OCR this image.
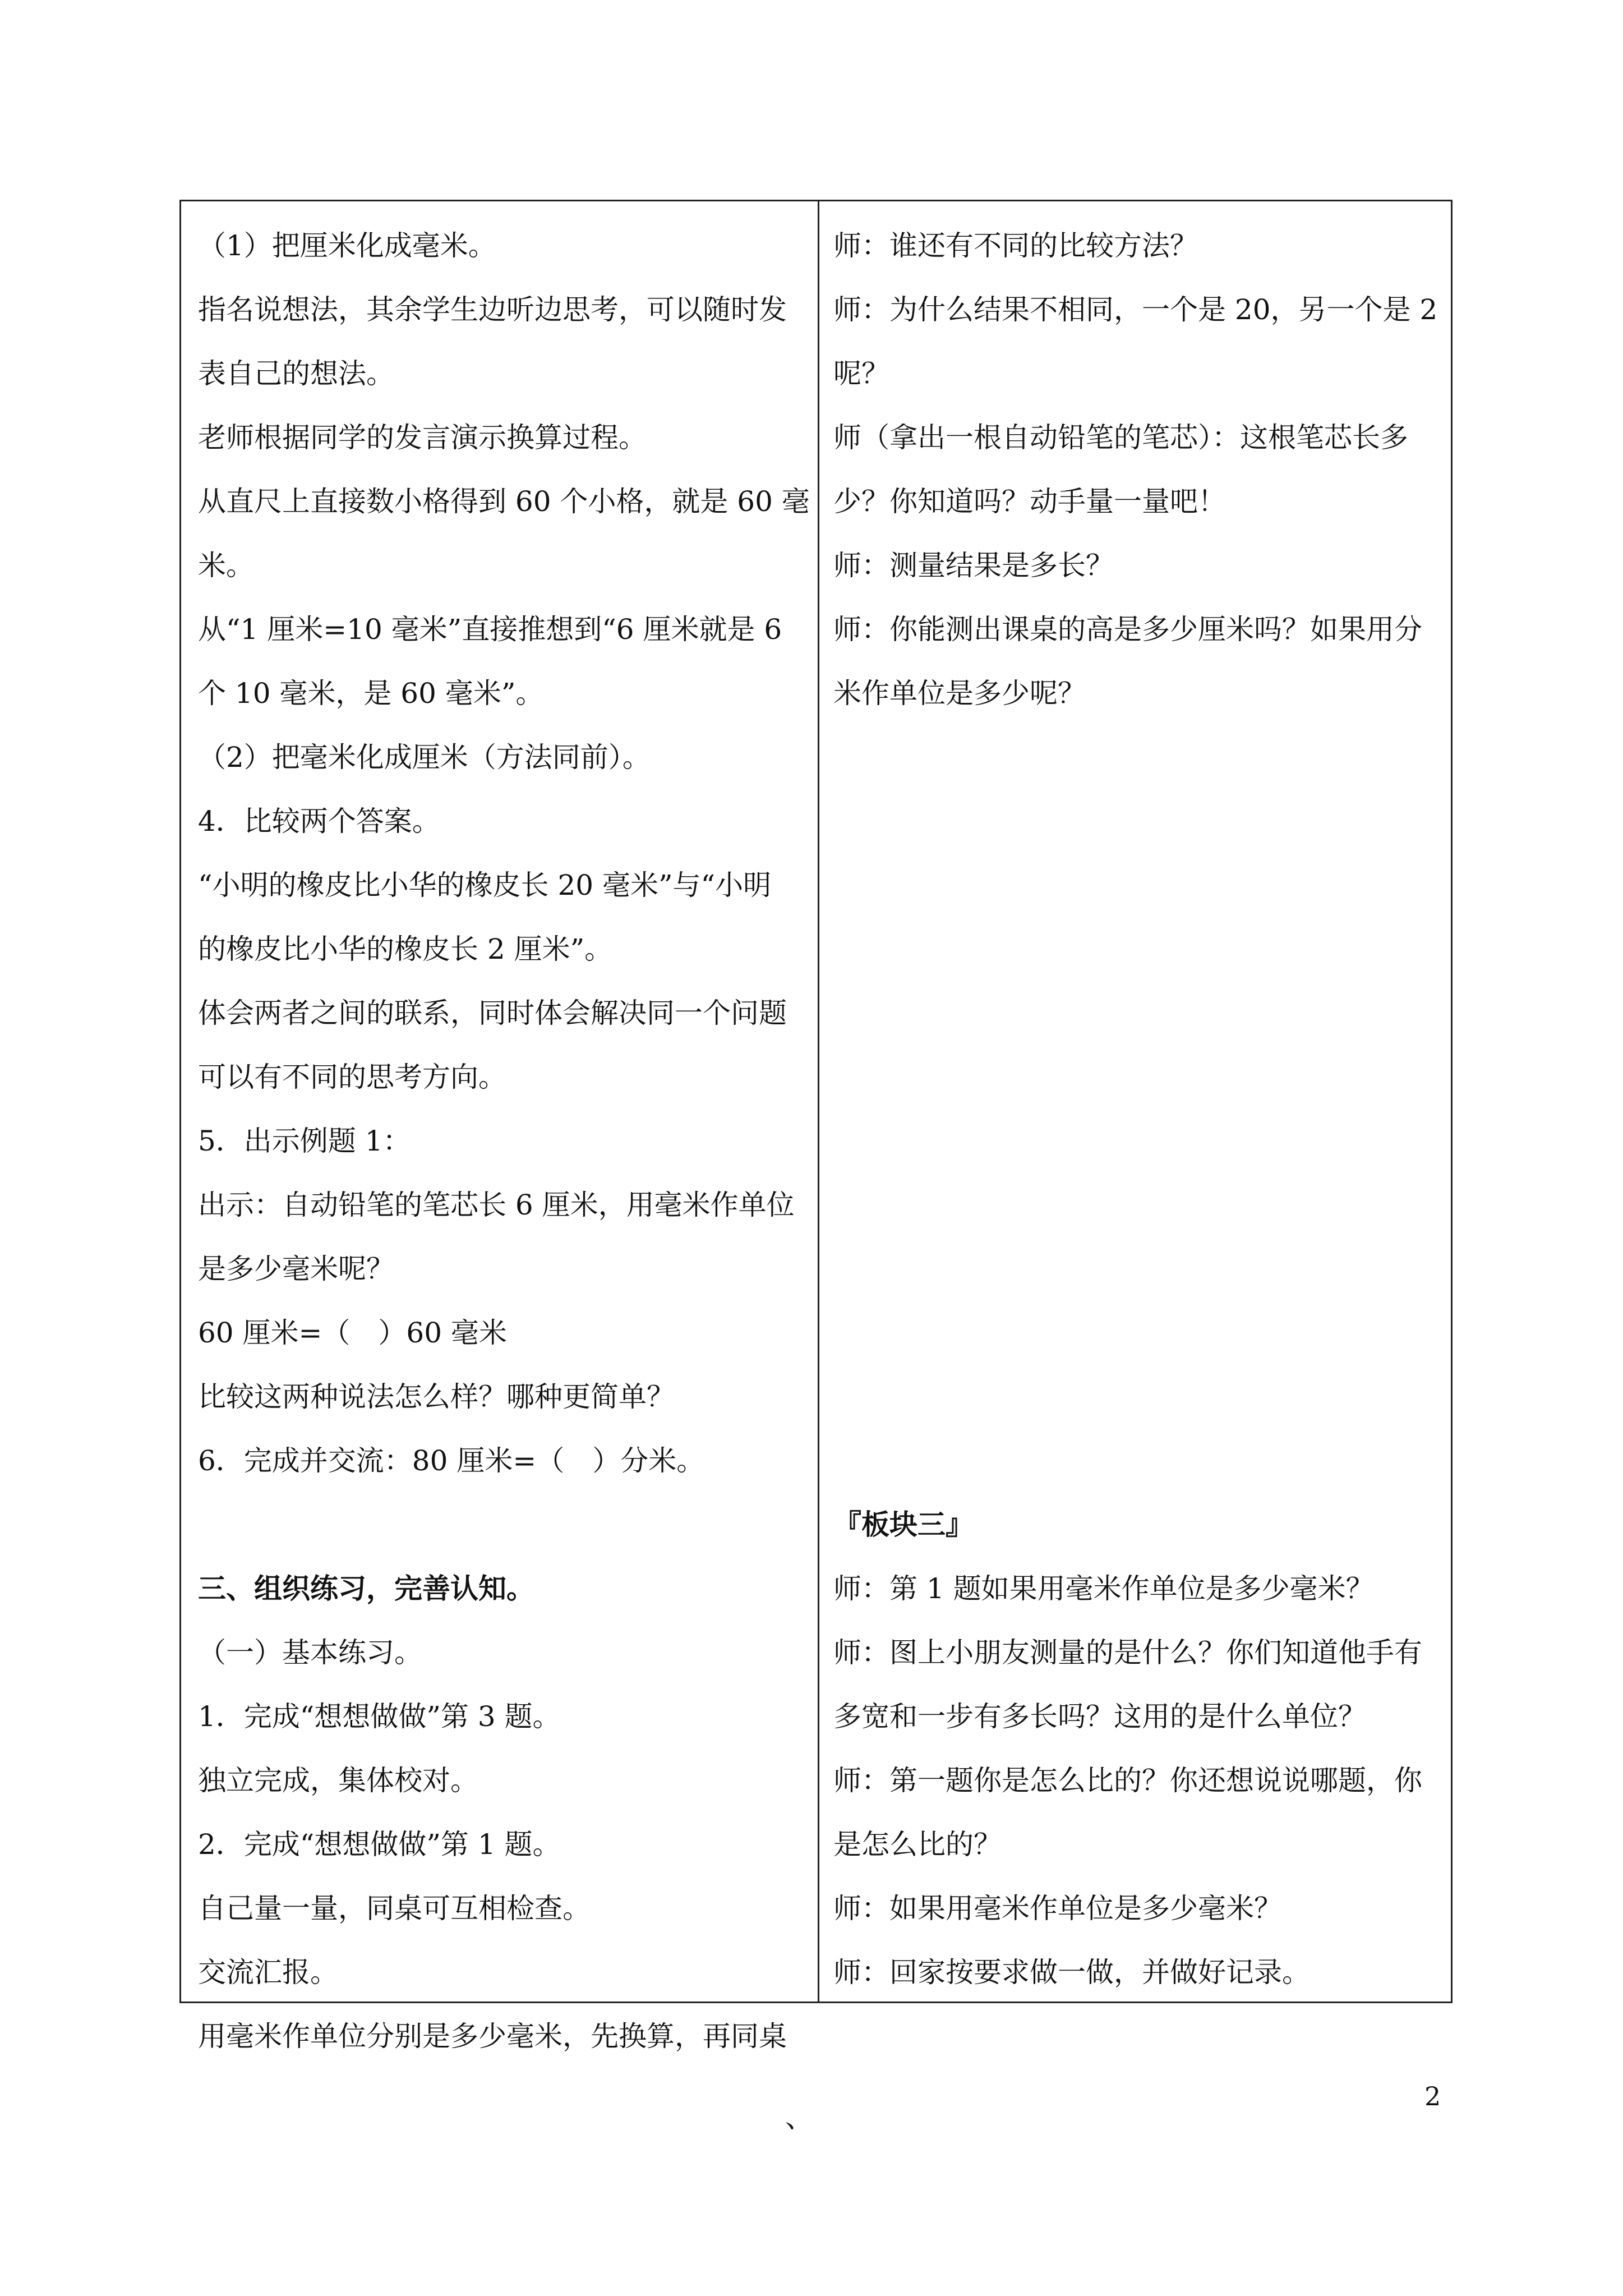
（1）把厘米化成毫米。
指名说想法，其余学生边听边思考，可以随时发
表自己的想法。
老师根据同学的发言演示换算过程。
从直尺上直接数小格得到 60 个小格，就是 60 毫
米。
从“1 厘米=10 毫米”直接推想到“6 厘米就是 6
个 10 毫米，是 60 毫米”。
（2）把毫米化成厘米（方法同前）。
4．比较两个答案。
“小明的橡皮比小华的橡皮长 20 毫米”与“小明
的橡皮比小华的橡皮长 2 厘米”。
体会两者之间的联系，同时体会解决同一个问题
可以有不同的思考方向。
5．出示例题 1：
出示：自动铅笔的笔芯长 6 厘米，用毫米作单位
是多少毫米呢？
60 厘米=（　）60 毫米
比较这两种说法怎么样？哪种更简单？
6．完成并交流：80 厘米=（　）分米。
三、组织练习，完善认知。
（一）基本练习。
1．完成“想想做做”第 3 题。
独立完成，集体校对。
2．完成“想想做做”第 1 题。
自己量一量，同桌可互相检查。
交流汇报。
用毫米作单位分别是多少毫米，先换算，再同桌
师：谁还有不同的比较方法？
师：为什么结果不相同，一个是 20，另一个是 2
呢？
师（拿出一根自动铅笔的笔芯）：这根笔芯长多
少？你知道吗？动手量一量吧！
师：测量结果是多长？
师：你能测出课桌的高是多少厘米吗？如果用分
米作单位是多少呢？
『板块三』
师：第 1 题如果用毫米作单位是多少毫米？
师：图上小朋友测量的是什么？你们知道他手有
多宽和一步有多长吗？这用的是什么单位？
师：第一题你是怎么比的？你还想说说哪题，你
是怎么比的？
师：如果用毫米作单位是多少毫米？
师：回家按要求做一做，并做好记录。
、
2
